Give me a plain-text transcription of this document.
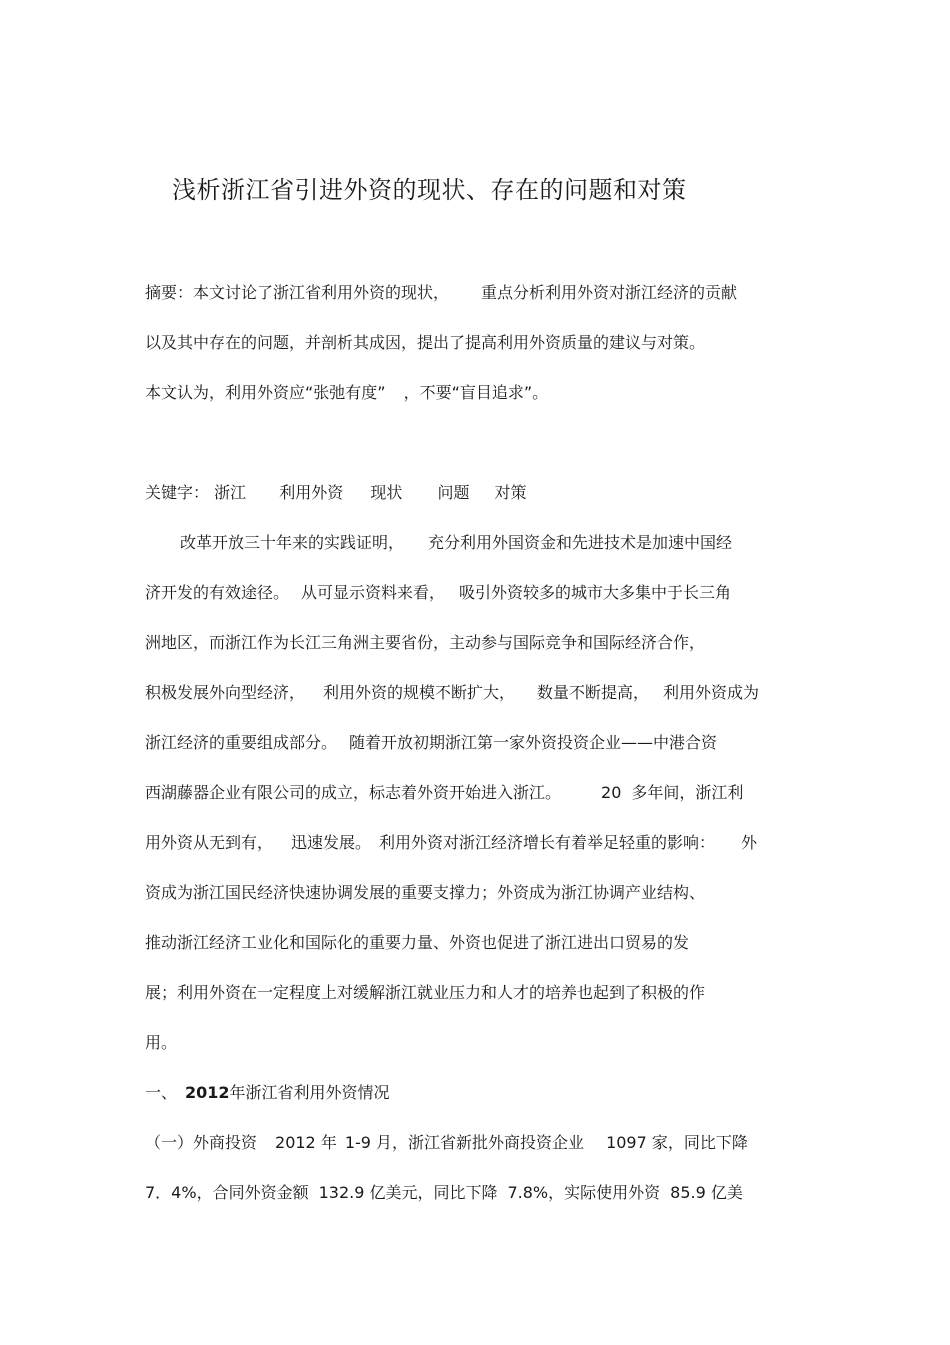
浅析浙江省引进外资的现状、存在的问题和对策
摘要：本文讨论了浙江省利用外资的现状， 重点分析利用外资对浙江经济的贡献
以及其中存在的问题，并剖析其成因，提出了提高利用外资质量的建议与对策。
本文认为，利用外资应“张弛有度” ，不要“盲目追求”。
关键字： 浙江 利用外资 现状 问题 对策
改革开放三十年来的实践证明， 充分利用外国资金和先进技术是加速中国经
济开发的有效途径。 从可显示资料来看， 吸引外资较多的城市大多集中于长三角
洲地区，而浙江作为长江三角洲主要省份，主动参与国际竞争和国际经济合作，
积极发展外向型经济， 利用外资的规模不断扩大， 数量不断提高， 利用外资成为
浙江经济的重要组成部分。 随着开放初期浙江第一家外资投资企业——中港合资
西湖藤器企业有限公司的成立，标志着外资开始进入浙江。	20 多年间，浙江利
用外资从无到有， 迅速发展。 利用外资对浙江经济增长有着举足轻重的影响： 外
资成为浙江国民经济快速协调发展的重要支撑力；外资成为浙江协调产业结构、
推动浙江经济工业化和国际化的重要力量、外资也促进了浙江进出口贸易的发
展；利用外资在一定程度上对缓解浙江就业压力和人才的培养也起到了积极的作
用。
一、 2012年浙江省利用外资情况
（一）外商投资 2012 年 1-9 月，浙江省新批外商投资企业 1097 家，同比下降
7．4%，合同外资金额 132.9 亿美元，同比下降 7.8%，实际使用外资 85.9 亿美
